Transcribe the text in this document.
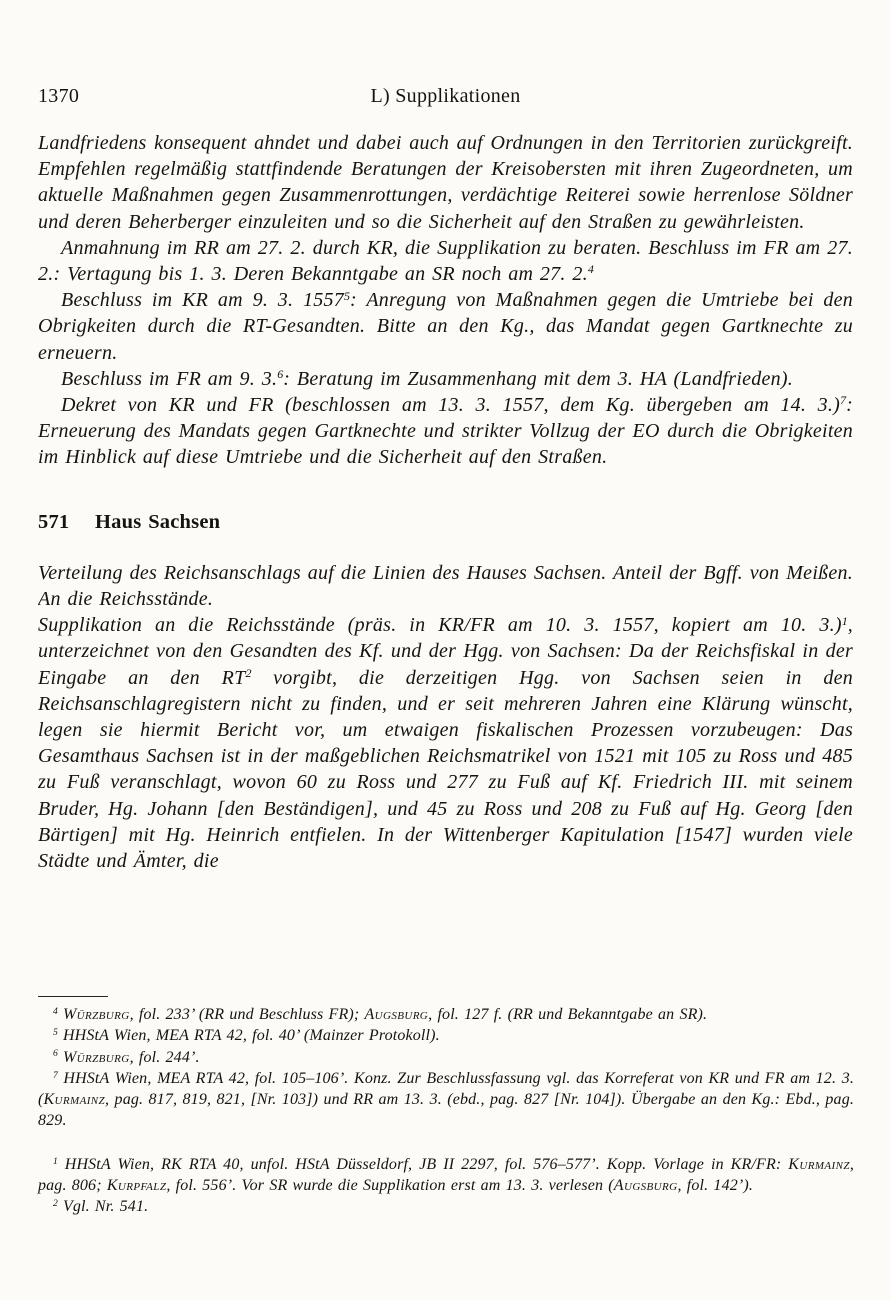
1370	L) Supplikationen

Landfriedens konsequent ahndet und dabei auch auf Ordnungen in den Territorien zurückgreift. Empfehlen regelmäßig stattfindende Beratungen der Kreisobersten mit ihren Zugeordneten, um aktuelle Maßnahmen gegen Zusammenrottungen, verdächtige Reiterei sowie herrenlose Söldner und deren Beherberger einzuleiten und so die Sicherheit auf den Straßen zu gewährleisten.

Anmahnung im RR am 27. 2. durch KR, die Supplikation zu beraten. Beschluss im FR am 27. 2.: Vertagung bis 1. 3. Deren Bekanntgabe an SR noch am 27. 2.$^4$

Beschluss im KR am 9. 3. 1557$^5$: Anregung von Maßnahmen gegen die Umtriebe bei den Obrigkeiten durch die RT-Gesandten. Bitte an den Kg., das Mandat gegen Gartknechte zu erneuern.

Beschluss im FR am 9. 3.$^6$: Beratung im Zusammenhang mit dem 3. HA (Landfrieden).

Dekret von KR und FR (beschlossen am 13. 3. 1557, dem Kg. übergeben am 14. 3.)$^7$: Erneuerung des Mandats gegen Gartknechte und strikter Vollzug der EO durch die Obrigkeiten im Hinblick auf diese Umtriebe und die Sicherheit auf den Straßen.

571 Haus Sachsen

Verteilung des Reichsanschlags auf die Linien des Hauses Sachsen. Anteil der Bgff. von Meißen. An die Reichsstände.

Supplikation an die Reichsstände (präs. in KR/FR am 10. 3. 1557, kopiert am 10. 3.)$^1$, unterzeichnet von den Gesandten des Kf. und der Hgg. von Sachsen: Da der Reichsfiskal in der Eingabe an den $RT^2$ vorgibt, die derzeitigen Hgg. von Sachsen seien in den Reichsanschlagregistern nicht zu finden, und er seit mehreren Jahren eine Klärung wünscht, legen sie hiermit Bericht vor, um etwaigen fiskalischen Prozessen vorzubeugen: Das Gesamthaus Sachsen ist in der maßgeblichen Reichsmatrikel von 1521 mit 105 zu Ross und 485 zu Fuß veranschlagt, wovon 60 zu Ross und 277 zu Fuß auf Kf. Friedrich III. mit seinem Bruder, Hg. Johann [den Beständigen], und 45 zu Ross und 208 zu Fuß auf Hg. Georg [den Bärtigen] mit Hg. Heinrich entfielen. In der Wittenberger Kapitulation [1547] wurden viele Städte und Ämter, die

$^4$ Würzburg, fol. 233’ (RR und Beschluss FR); Augsburg, fol. 127 f. (RR und Bekanntgabe an SR).

$^5$ HHStA Wien, MEA RTA 42, fol. 40’ (Mainzer Protokoll).

$^6$ Würzburg, fol. 244’.

$^7$ HHStA Wien, MEA RTA 42, fol. 105–106’. Konz. Zur Beschlussfassung vgl. das Korreferat von KR und FR am 12. 3. (Kurmainz, pag. 817, 819, 821, [Nr. 103]) und RR am 13. 3. (ebd., pag. 827 [Nr. 104]). Übergabe an den Kg.: Ebd., pag. 829.

$^1$ HHStA Wien, RK RTA 40, unfol. HStA Düsseldorf, JB II 2297, fol. 576–577’. Kopp. Vorlage in KR/FR: Kurmainz, pag. 806; Kurpfalz, fol. 556’. Vor SR wurde die Supplikation erst am 13. 3. verlesen (Augsburg, fol. 142’).

$^2$ Vgl. Nr. 541.
